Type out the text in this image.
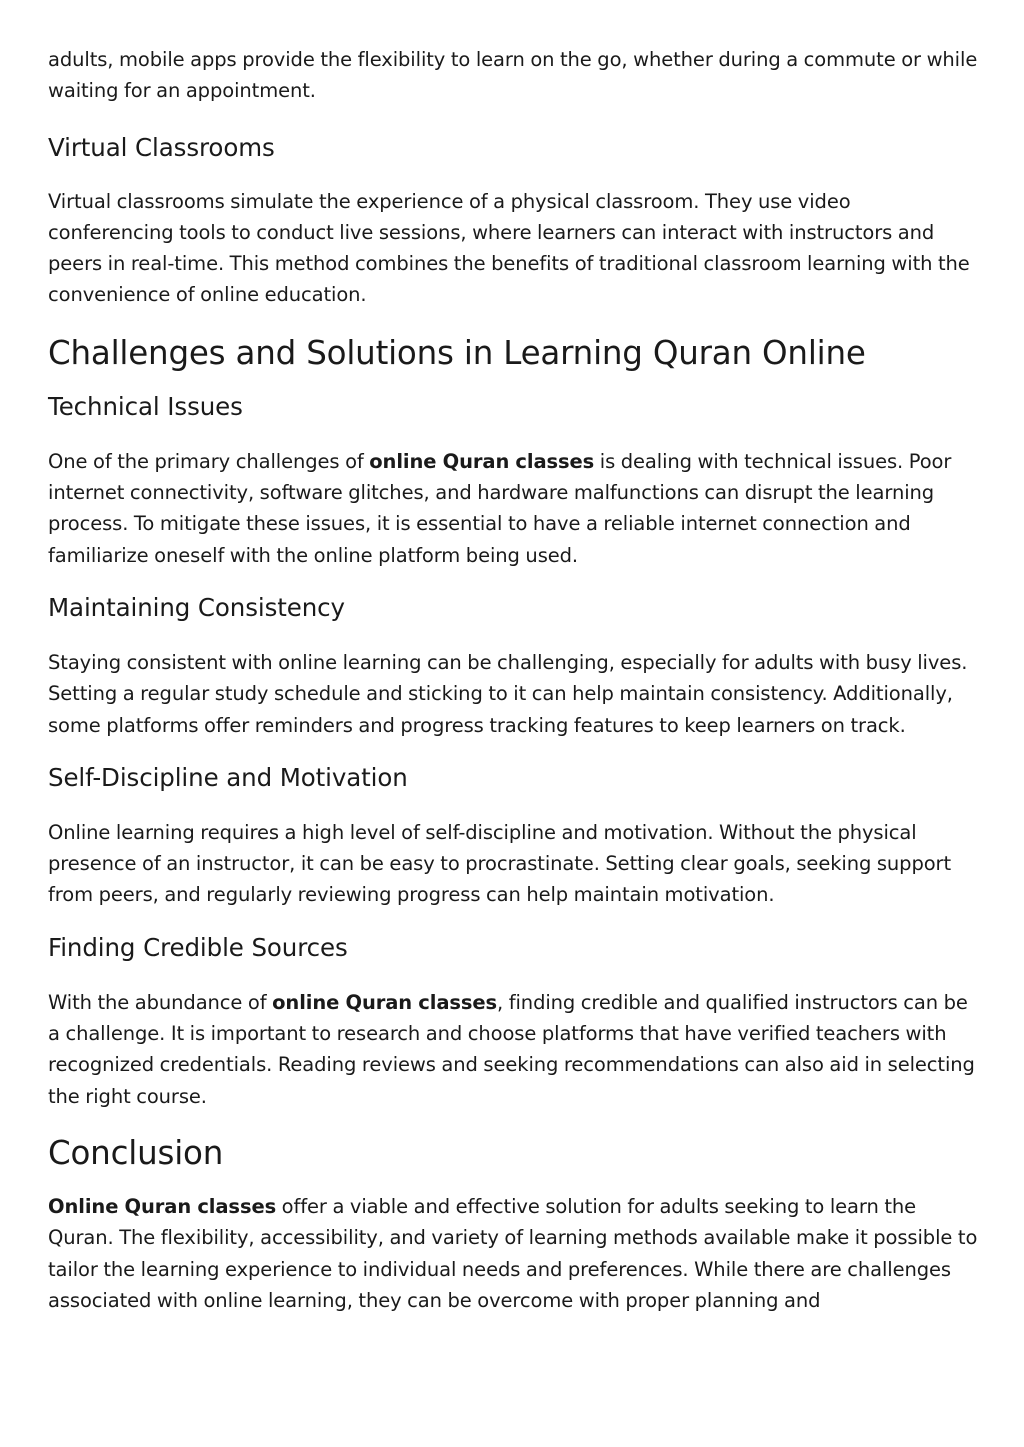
adults, mobile apps provide the flexibility to learn on the go, whether during a commute or while waiting for an appointment.

Virtual Classrooms

Virtual classrooms simulate the experience of a physical classroom. They use video conferencing tools to conduct live sessions, where learners can interact with instructors and peers in real-time. This method combines the benefits of traditional classroom learning with the convenience of online education.

Challenges and Solutions in Learning Quran Online
Technical Issues

One of the primary challenges of online Quran classes is dealing with technical issues. Poor internet connectivity, software glitches, and hardware malfunctions can disrupt the learning process. To mitigate these issues, it is essential to have a reliable internet connection and familiarize oneself with the online platform being used.

Maintaining Consistency

Staying consistent with online learning can be challenging, especially for adults with busy lives. Setting a regular study schedule and sticking to it can help maintain consistency. Additionally, some platforms offer reminders and progress tracking features to keep learners on track.

Self-Discipline and Motivation

Online learning requires a high level of self-discipline and motivation. Without the physical presence of an instructor, it can be easy to procrastinate. Setting clear goals, seeking support from peers, and regularly reviewing progress can help maintain motivation.

Finding Credible Sources

With the abundance of online Quran classes, finding credible and qualified instructors can be a challenge. It is important to research and choose platforms that have verified teachers with recognized credentials. Reading reviews and seeking recommendations can also aid in selecting the right course.

Conclusion

Online Quran classes offer a viable and effective solution for adults seeking to learn the Quran. The flexibility, accessibility, and variety of learning methods available make it possible to tailor the learning experience to individual needs and preferences. While there are challenges associated with online learning, they can be overcome with proper planning and
